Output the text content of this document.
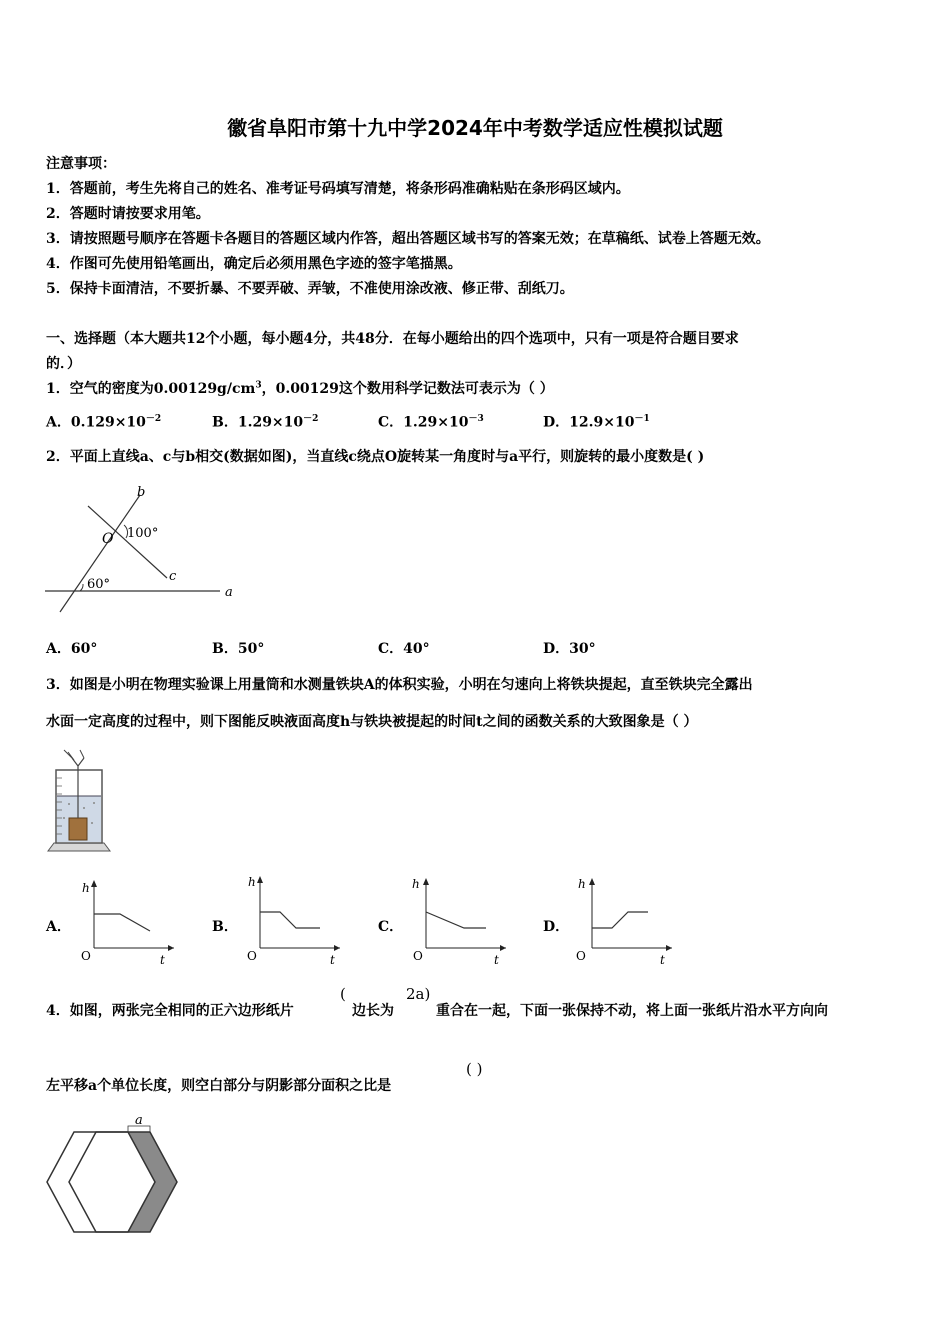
徽省阜阳市第十九中学2024年中考数学适应性模拟试题
注意事项：
1．答题前，考生先将自己的姓名、准考证号码填写清楚，将条形码准确粘贴在条形码区域内。
2．答题时请按要求用笔。
3．请按照题号顺序在答题卡各题目的答题区域内作答，超出答题区域书写的答案无效；在草稿纸、试卷上答题无效。
4．作图可先使用铅笔画出，确定后必须用黑色字迹的签字笔描黑。
5．保持卡面清洁，不要折暴、不要弄破、弄皱，不准使用涂改液、修正带、刮纸刀。
一、选择题（本大题共12个小题，每小题4分，共48分．在每小题给出的四个选项中，只有一项是符合题目要求
的．）
1．空气的密度为$0.00129g/cm^3$，0.00129这个数用科学记数法可表示为（ ）
A．$0.129\times 10^{-2}$	B．$1.29\times 10^{-2}$	C．$1.29\times 10^{-3}$	D．$12.9\times 10^{-1}$
2．平面上直线a、c与b相交(数据如图)，当直线c绕点O旋转某一角度时与a平行，则旋转的最小度数是( )
b
O 100°
c
60°
a
A．60°	B．50°	C．40°	D．30°
3．如图是小明在物理实验课上用量筒和水测量铁块A的体积实验，小明在匀速向上将铁块提起，直至铁块完全露出
水面一定高度的过程中，则下图能反映液面高度h与铁块被提起的时间t之间的函数关系的大致图象是（ ）
A．
h
O	t
B．
h
O	t
C．
h
O	t
D．
h
O	t
4．如图，两张完全相同的正六边形纸片
(
边长为
2a)
重合在一起，下面一张保持不动，将上面一张纸片沿水平方向向
左平移a个单位长度，则空白部分与阴影部分面积之比是
( )
a
